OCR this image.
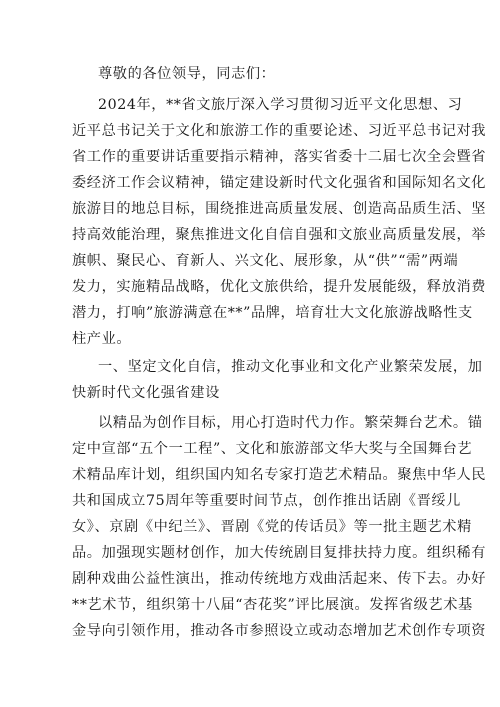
尊敬的各位领导，同志们：
2024年，**省文旅厅深入学习贯彻习近平文化思想、习
近平总书记关于文化和旅游工作的重要论述、习近平总书记对我
省工作的重要讲话重要指示精神，落实省委十二届七次全会暨省
委经济工作会议精神，锚定建设新时代文化强省和国际知名文化
旅游目的地总目标，围绕推进高质量发展、创造高品质生活、坚
持高效能治理，聚焦推进文化自信自强和文旅业高质量发展，举
旗帜、聚民心、育新人、兴文化、展形象，从“供”“需”两端
发力，实施精品战略，优化文旅供给，提升发展能级，释放消费
潜力，打响”旅游满意在**”品牌，培育壮大文化旅游战略性支
柱产业。
一、坚定文化自信，推动文化事业和文化产业繁荣发展，加
快新时代文化强省建设
以精品为创作目标，用心打造时代力作。繁荣舞台艺术。锚
定中宣部“五个一工程”、文化和旅游部文华大奖与全国舞台艺
术精品库计划，组织国内知名专家打造艺术精品。聚焦中华人民
共和国成立75周年等重要时间节点，创作推出话剧《晋绥儿
女》、京剧《中纪兰》、晋剧《党的传话员》等一批主题艺术精
品。加强现实题材创作，加大传统剧目复排扶持力度。组织稀有
剧种戏曲公益性演出，推动传统地方戏曲活起来、传下去。办好
**艺术节，组织第十八届“杏花奖”评比展演。发挥省级艺术基
金导向引领作用，推动各市参照设立或动态增加艺术创作专项资
